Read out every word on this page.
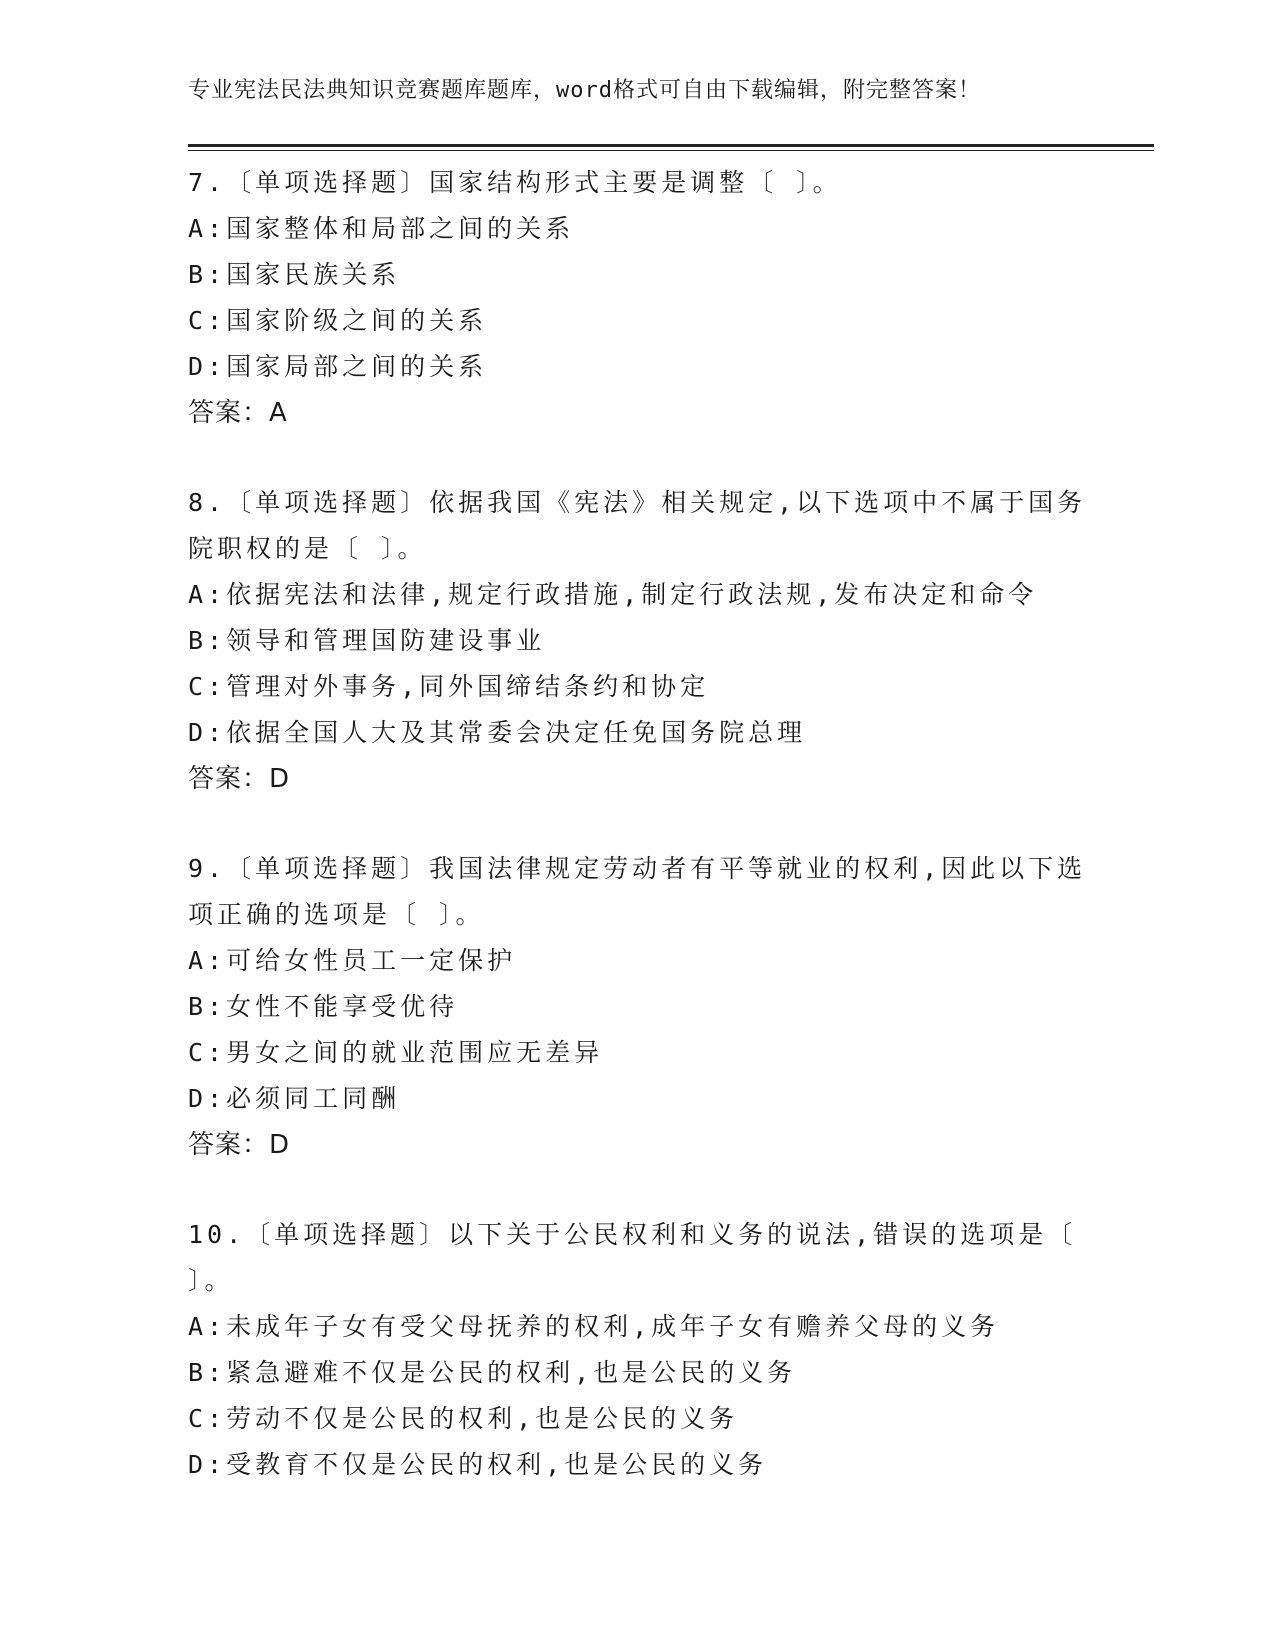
专业宪法民法典知识竞赛题库题库，word格式可自由下载编辑，附完整答案！
7.〔单项选择题〕国家结构形式主要是调整〔 〕。
A:国家整体和局部之间的关系
B:国家民族关系
C:国家阶级之间的关系
D:国家局部之间的关系
答案：A
8.〔单项选择题〕依据我国《宪法》相关规定,以下选项中不属于国务
院职权的是〔 〕。
A:依据宪法和法律,规定行政措施,制定行政法规,发布决定和命令
B:领导和管理国防建设事业
C:管理对外事务,同外国缔结条约和协定
D:依据全国人大及其常委会决定任免国务院总理
答案：D
9.〔单项选择题〕我国法律规定劳动者有平等就业的权利,因此以下选
项正确的选项是〔 〕。
A:可给女性员工一定保护
B:女性不能享受优待
C:男女之间的就业范围应无差异
D:必须同工同酬
答案：D
10.〔单项选择题〕以下关于公民权利和义务的说法,错误的选项是〔
〕。
A:未成年子女有受父母抚养的权利,成年子女有赡养父母的义务
B:紧急避难不仅是公民的权利,也是公民的义务
C:劳动不仅是公民的权利,也是公民的义务
D:受教育不仅是公民的权利,也是公民的义务
